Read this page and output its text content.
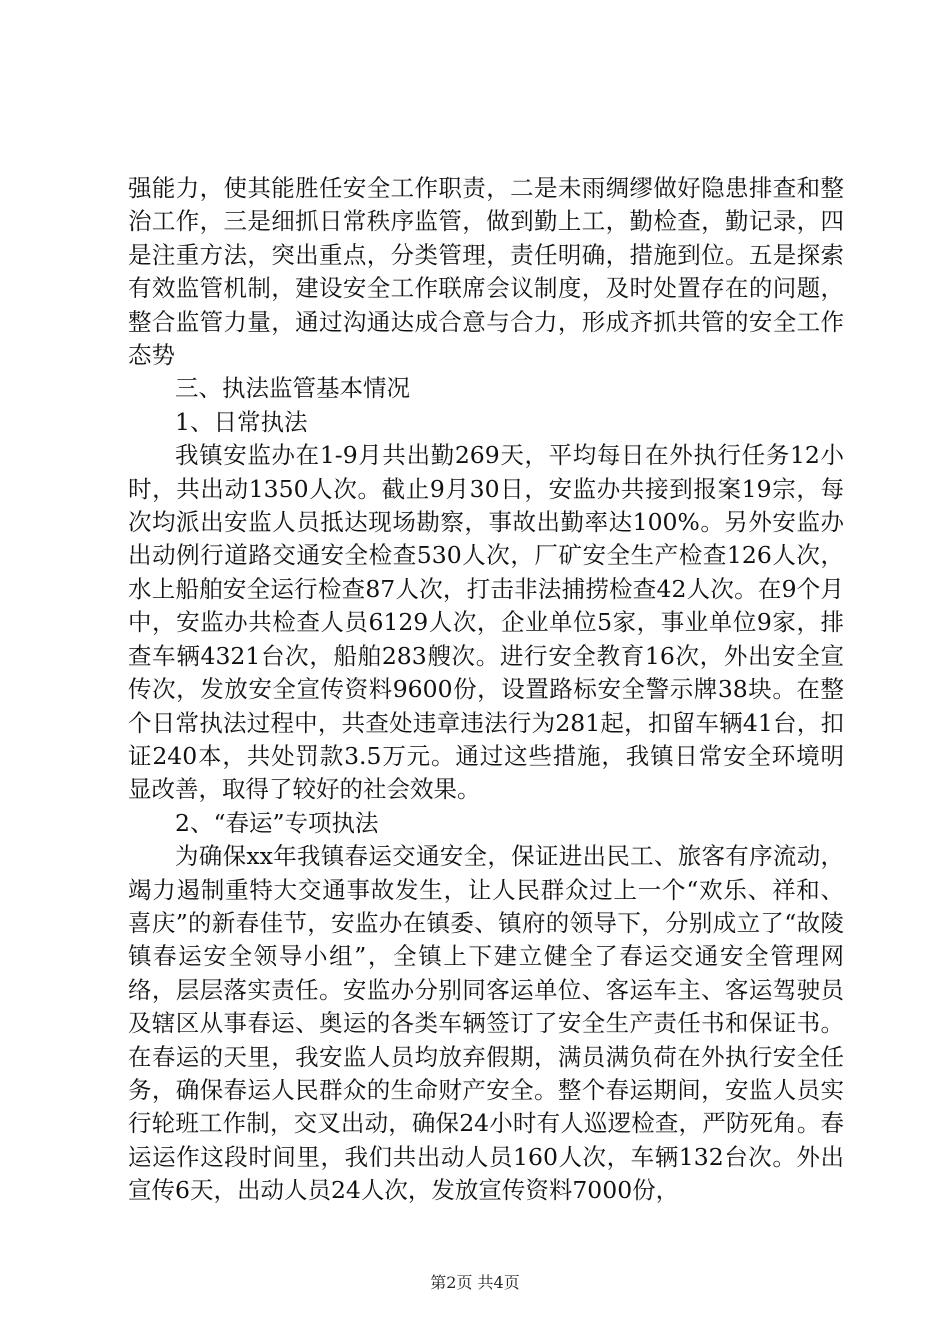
强能力，使其能胜任安全工作职责，二是未雨绸缪做好隐患排查和整治工作，三是细抓日常秩序监管，做到勤上工，勤检查，勤记录，四是注重方法，突出重点，分类管理，责任明确，措施到位。五是探索有效监管机制，建设安全工作联席会议制度，及时处置存在的问题，整合监管力量，通过沟通达成合意与合力，形成齐抓共管的安全工作态势

三、执法监管基本情况

1、日常执法

我镇安监办在1-9月共出勤269天，平均每日在外执行任务12小时，共出动1350人次。截止9月30日，安监办共接到报案19宗，每次均派出安监人员抵达现场勘察，事故出勤率达100%。另外安监办出动例行道路交通安全检查530人次，厂矿安全生产检查126人次，水上船舶安全运行检查87人次，打击非法捕捞检查42人次。在9个月中，安监办共检查人员6129人次，企业单位5家，事业单位9家，排查车辆4321台次，船舶283艘次。进行安全教育16次，外出安全宣传次，发放安全宣传资料9600份，设置路标安全警示牌38块。在整个日常执法过程中，共查处违章违法行为281起，扣留车辆41台，扣证240本，共处罚款3.5万元。通过这些措施，我镇日常安全环境明显改善，取得了较好的社会效果。

2、“春运”专项执法

为确保xx年我镇春运交通安全，保证进出民工、旅客有序流动，竭力遏制重特大交通事故发生，让人民群众过上一个“欢乐、祥和、喜庆”的新春佳节，安监办在镇委、镇府的领导下，分别成立了“故陵镇春运安全领导小组”，全镇上下建立健全了春运交通安全管理网络，层层落实责任。安监办分别同客运单位、客运车主、客运驾驶员及辖区从事春运、奥运的各类车辆签订了安全生产责任书和保证书。在春运的天里，我安监人员均放弃假期，满员满负荷在外执行安全任务，确保春运人民群众的生命财产安全。整个春运期间，安监人员实行轮班工作制，交叉出动，确保24小时有人巡逻检查，严防死角。春运运作这段时间里，我们共出动人员160人次，车辆132台次。外出宣传6天，出动人员24人次，发放宣传资料7000份，

第2页 共4页
